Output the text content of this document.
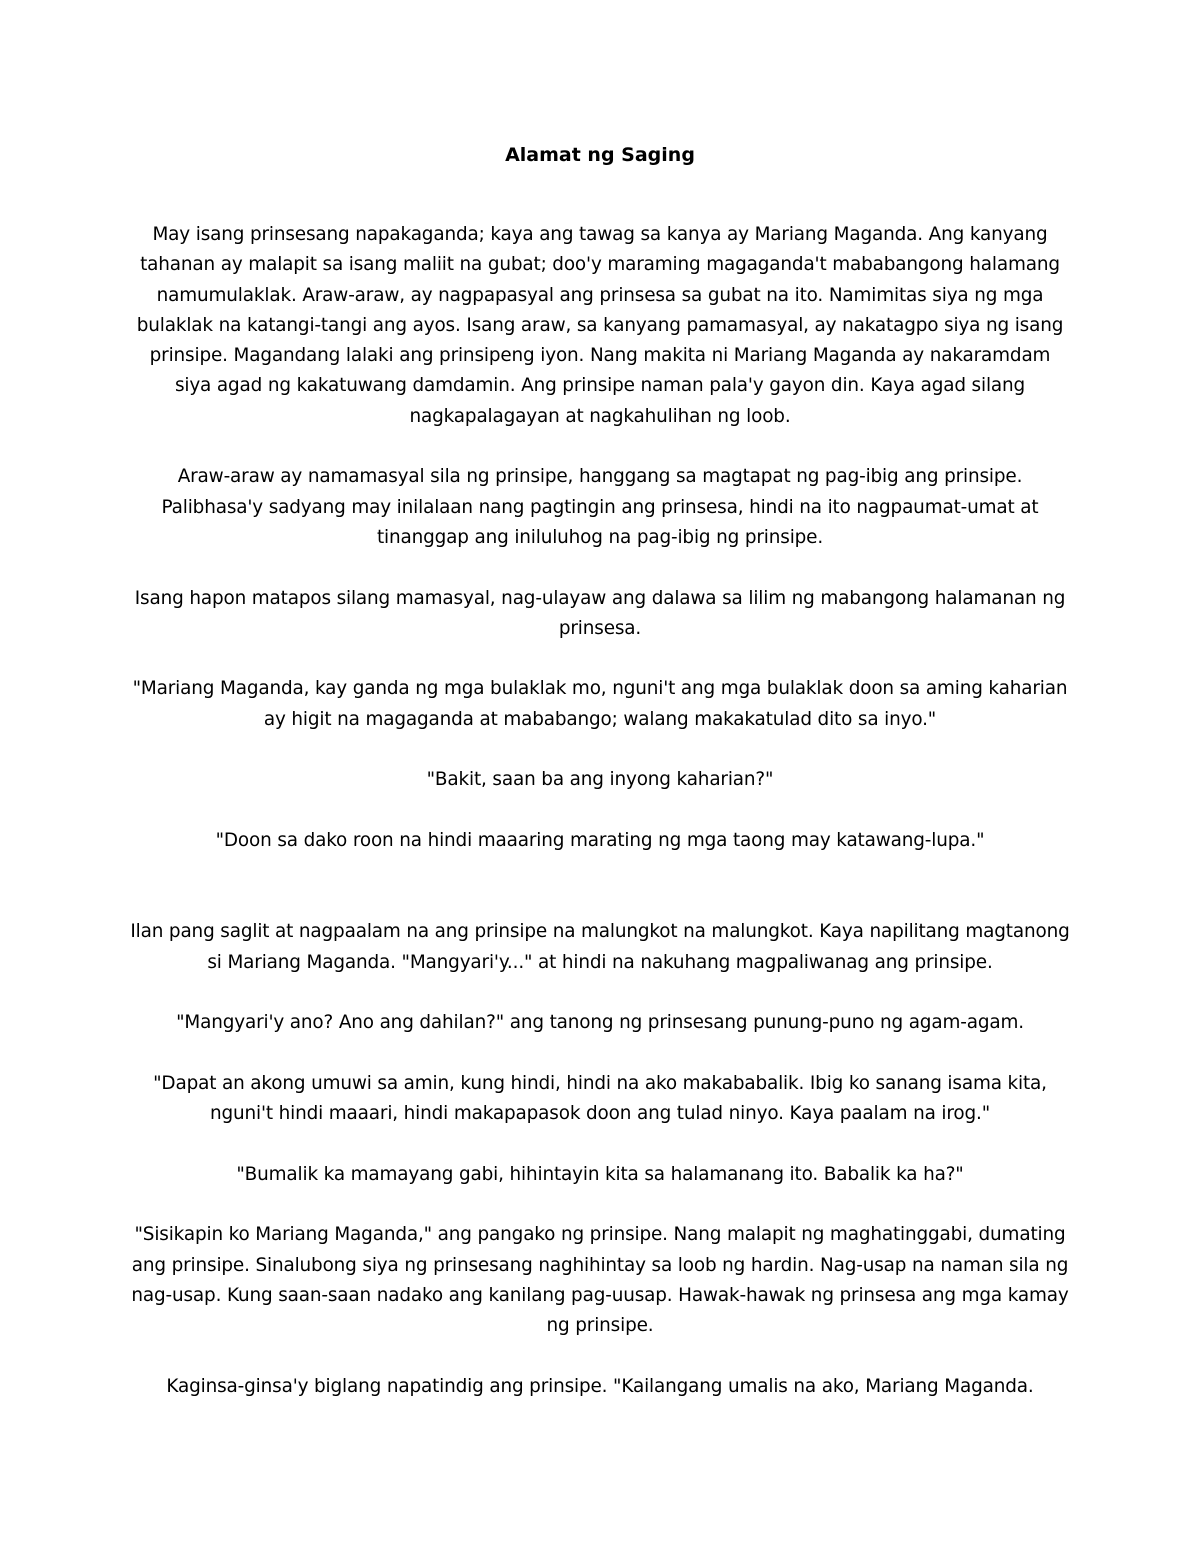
Alamat ng Saging

May isang prinsesang napakaganda; kaya ang tawag sa kanya ay Mariang Maganda. Ang kanyang tahanan ay malapit sa isang maliit na gubat; doo'y maraming magaganda't mababangong halamang namumulaklak. Araw-araw, ay nagpapasyal ang prinsesa sa gubat na ito. Namimitas siya ng mga bulaklak na katangi-tangi ang ayos. Isang araw, sa kanyang pamamasyal, ay nakatagpo siya ng isang prinsipe. Magandang lalaki ang prinsipeng iyon. Nang makita ni Mariang Maganda ay nakaramdam siya agad ng kakatuwang damdamin. Ang prinsipe naman pala'y gayon din. Kaya agad silang nagkapalagayan at nagkahulihan ng loob.

Araw-araw ay namamasyal sila ng prinsipe, hanggang sa magtapat ng pag-ibig ang prinsipe. Palibhasa'y sadyang may inilalaan nang pagtingin ang prinsesa, hindi na ito nagpaumat-umat at tinanggap ang iniluluhog na pag-ibig ng prinsipe.

Isang hapon matapos silang mamasyal, nag-ulayaw ang dalawa sa lilim ng mabangong halamanan ng prinsesa.

"Mariang Maganda, kay ganda ng mga bulaklak mo, nguni't ang mga bulaklak doon sa aming kaharian ay higit na magaganda at mababango; walang makakatulad dito sa inyo."

"Bakit, saan ba ang inyong kaharian?"

"Doon sa dako roon na hindi maaaring marating ng mga taong may katawang-lupa."

Ilan pang saglit at nagpaalam na ang prinsipe na malungkot na malungkot. Kaya napilitang magtanong si Mariang Maganda. "Mangyari'y..." at hindi na nakuhang magpaliwanag ang prinsipe.

"Mangyari'y ano? Ano ang dahilan?" ang tanong ng prinsesang punung-puno ng agam-agam.

"Dapat an akong umuwi sa amin, kung hindi, hindi na ako makababalik. Ibig ko sanang isama kita, nguni't hindi maaari, hindi makapapasok doon ang tulad ninyo. Kaya paalam na irog."

"Bumalik ka mamayang gabi, hihintayin kita sa halamanang ito. Babalik ka ha?"

"Sisikapin ko Mariang Maganda," ang pangako ng prinsipe. Nang malapit ng maghatinggabi, dumating ang prinsipe. Sinalubong siya ng prinsesang naghihintay sa loob ng hardin. Nag-usap na naman sila ng nag-usap. Kung saan-saan nadako ang kanilang pag-uusap. Hawak-hawak ng prinsesa ang mga kamay ng prinsipe.

Kaginsa-ginsa'y biglang napatindig ang prinsipe. "Kailangang umalis na ako, Mariang Maganda.
